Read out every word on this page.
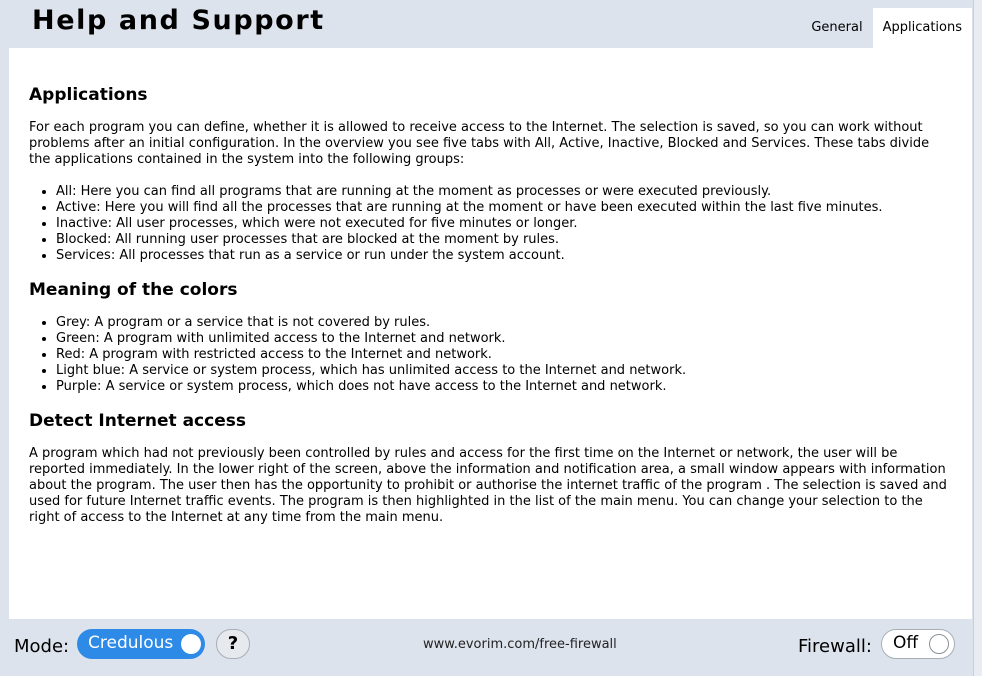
Help and Support	General	Applications
Applications

For each program you can define, whether it is allowed to receive access to the Internet. The selection is saved, so you can work without problems after an initial configuration. In the overview you see five tabs with All, Active, Inactive, Blocked and Services. These tabs divide the applications contained in the system into the following groups:

• All: Here you can find all programs that are running at the moment as processes or were executed previously.
• Active: Here you will find all the processes that are running at the moment or have been executed within the last five minutes.
• Inactive: All user processes, which were not executed for five minutes or longer.
• Blocked: All running user processes that are blocked at the moment by rules.
• Services: All processes that run as a service or run under the system account.
Meaning of the colors
• Grey: A program or a service that is not covered by rules.
• Green: A program with unlimited access to the Internet and network.
• Red: A program with restricted access to the Internet and network.
• Light blue: A service or system process, which has unlimited access to the Internet and network.
• Purple: A service or system process, which does not have access to the Internet and network.
Detect Internet access

A program which had not previously been controlled by rules and access for the first time on the Internet or network, the user will be reported immediately. In the lower right of the screen, above the information and notification area, a small window appears with information about the program. The user then has the opportunity to prohibit or authorise the internet traffic of the program . The selection is saved and used for future Internet traffic events. The program is then highlighted in the list of the main menu. You can change your selection to the right of access to the Internet at any time from the main menu.

Mode: Credulous	?	www.evorim.com/free-firewall	Firewall: Off
